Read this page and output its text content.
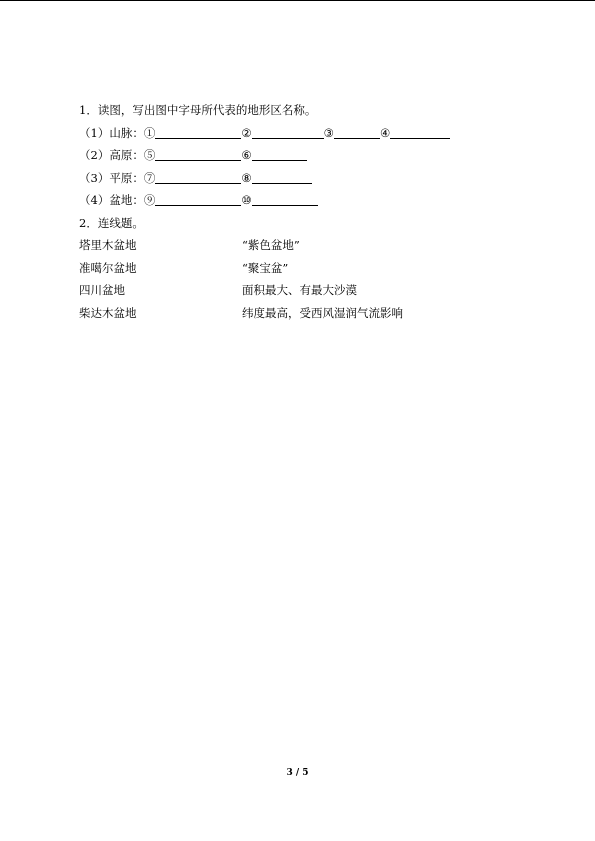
1．读图，写出图中字母所代表的地形区名称。
（1）山脉：①	②	③	④
（2）高原：⑤	⑥
（3）平原：⑦	⑧
（4）盆地：⑨	⑩
2．连线题。
塔里木盆地	“紫色盆地”
准噶尔盆地	“聚宝盆”
四川盆地	面积最大、有最大沙漠
柴达木盆地	纬度最高，受西风湿润气流影响
3 / 5
